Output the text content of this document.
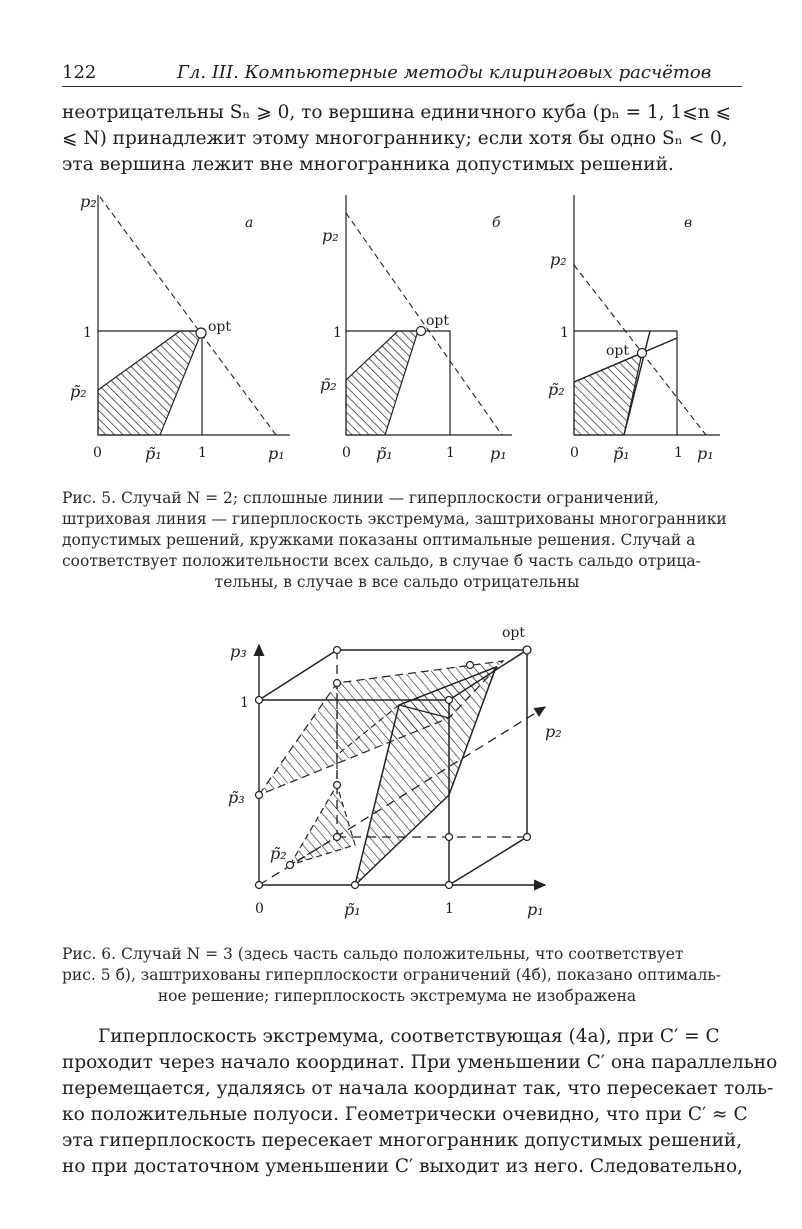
122	Гл. III. Компьютерные методы клиринговых расчётов
неотрицательны Sₙ ⩾ 0, то вершина единичного куба (pₙ = 1, 1⩽n ⩽
⩽ N) принадлежит этому многограннику; если хотя бы одно Sₙ < 0,
эта вершина лежит вне многогранника допустимых решений.
p₂
а
1	opt
p̃₂
0	p̃₁	1	p₁
p₂
б
1
opt
p̃₂
0 p̃₁	1 p₁
p₂
в
1
opt
p̃₂
0 p̃₁	1 p₁
Рис. 5. Случай N = 2; сплошные линии — гиперплоскости ограничений,
штриховая линия — гиперплоскость экстремума, заштрихованы многогранники
допустимых решений, кружками показаны оптимальные решения. Случай а
соответствует положительности всех сальдо, в случае б часть сальдо отрица-
тельны, в случае в все сальдо отрицательны
p₃
1
p̃₃
p̃₂
0	p̃₁	1	p₁
p₂
opt
Рис. 6. Случай N = 3 (здесь часть сальдо положительны, что соответствует
рис. 5 б), заштрихованы гиперплоскости ограничений (4б), показано оптималь-
ное решение; гиперплоскость экстремума не изображена
Гиперплоскость экстремума, соответствующая (4а), при C′ = C
проходит через начало координат. При уменьшении C′ она параллельно
перемещается, удаляясь от начала координат так, что пересекает толь-
ко положительные полуоси. Геометрически очевидно, что при C′ ≈ C
эта гиперплоскость пересекает многогранник допустимых решений,
но при достаточном уменьшении C′ выходит из него. Следовательно,
